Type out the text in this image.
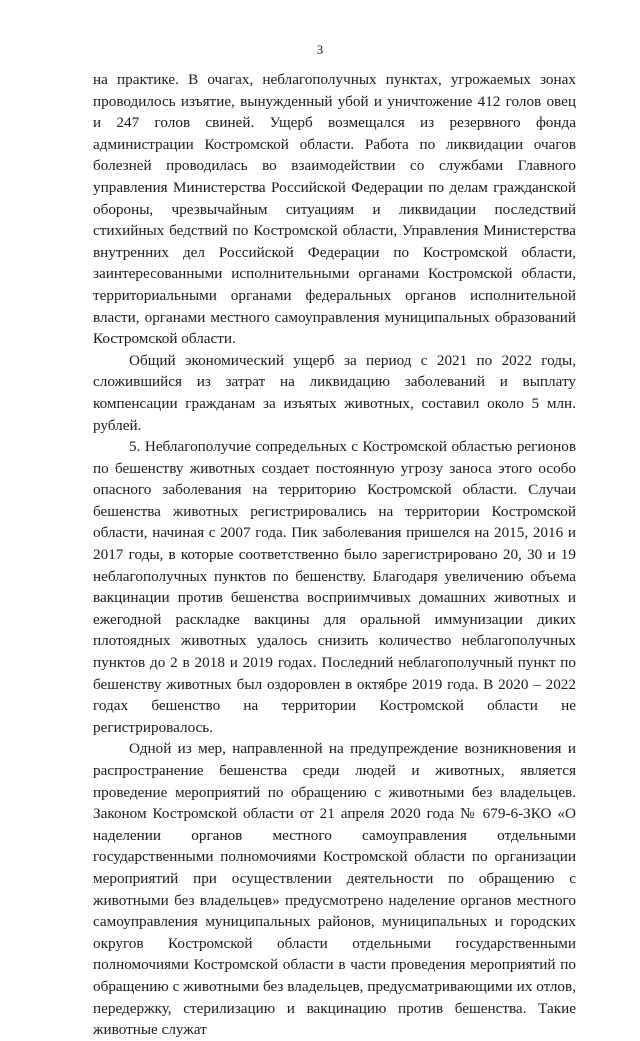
3

на практике. В очагах, неблагополучных пунктах, угрожаемых зонах проводилось изъятие, вынужденный убой и уничтожение 412 голов овец и 247 голов свиней. Ущерб возмещался из резервного фонда администрации Костромской области. Работа по ликвидации очагов болезней проводилась во взаимодействии со службами Главного управления Министерства Российской Федерации по делам гражданской обороны, чрезвычайным ситуациям и ликвидации последствий стихийных бедствий по Костромской области, Управления Министерства внутренних дел Российской Федерации по Костромской области, заинтересованными исполнительными органами Костромской области, территориальными органами федеральных органов исполнительной власти, органами местного самоуправления муниципальных образований Костромской области.

Общий экономический ущерб за период с 2021 по 2022 годы, сложившийся из затрат на ликвидацию заболеваний и выплату компенсации гражданам за изъятых животных, составил около 5 млн. рублей.

5. Неблагополучие сопредельных с Костромской областью регионов по бешенству животных создает постоянную угрозу заноса этого особо опасного заболевания на территорию Костромской области. Случаи бешенства животных регистрировались на территории Костромской области, начиная с 2007 года. Пик заболевания пришелся на 2015, 2016 и 2017 годы, в которые соответственно было зарегистрировано 20, 30 и 19 неблагополучных пунктов по бешенству. Благодаря увеличению объема вакцинации против бешенства восприимчивых домашних животных и ежегодной раскладке вакцины для оральной иммунизации диких плотоядных животных удалось снизить количество неблагополучных пунктов до 2 в 2018 и 2019 годах. Последний неблагополучный пункт по бешенству животных был оздоровлен в октябре 2019 года. В 2020 – 2022 годах бешенство на территории Костромской области не регистрировалось.

Одной из мер, направленной на предупреждение возникновения и распространение бешенства среди людей и животных, является проведение мероприятий по обращению с животными без владельцев. Законом Костромской области от 21 апреля 2020 года № 679-6-ЗКО «О наделении органов местного самоуправления отдельными государственными полномочиями Костромской области по организации мероприятий при осуществлении деятельности по обращению с животными без владельцев» предусмотрено наделение органов местного самоуправления муниципальных районов, муниципальных и городских округов Костромской области отдельными государственными полномочиями Костромской области в части проведения мероприятий по обращению с животными без владельцев, предусматривающими их отлов, передержку, стерилизацию и вакцинацию против бешенства. Такие животные служат
